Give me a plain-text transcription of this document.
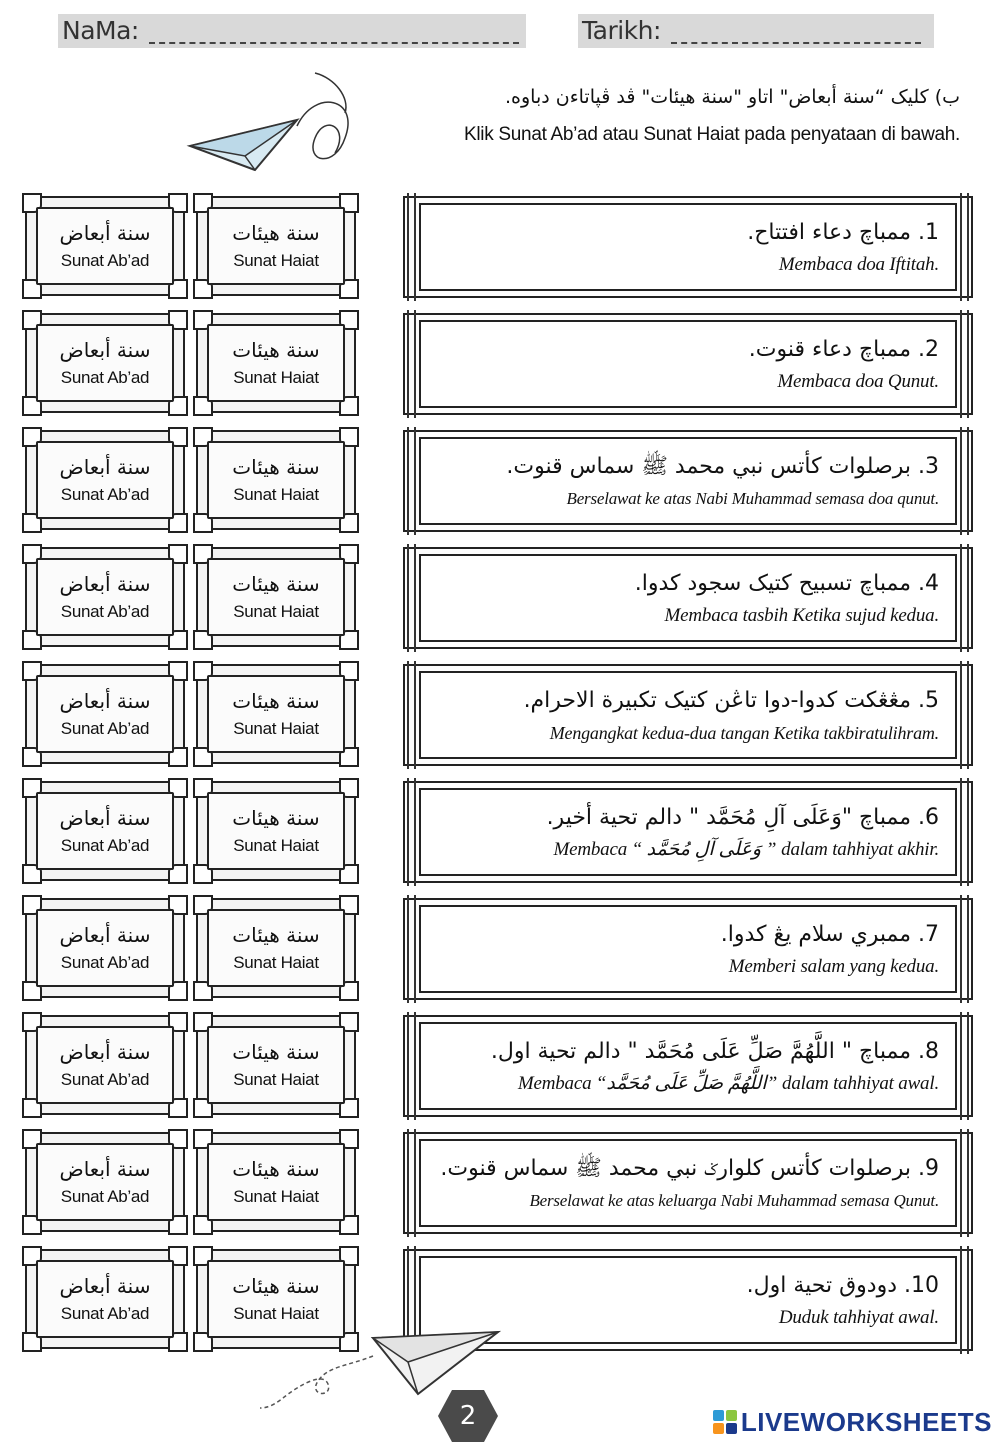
NaMa:	Tarikh:
ب) كليک “سنة أبعاض" اتاو "سنة هيئات" ڤد ڤپاتاءن دباوه.
Klik Sunat Ab’ad atau Sunat Haiat pada penyataan di bawah.
سنة أبعاض
Sunat Ab’ad
سنة هيئات
Sunat Haiat
1. ممباچ دعاء افتتاح.
Membaca doa Iftitah.
سنة أبعاض
Sunat Ab’ad
سنة هيئات
Sunat Haiat
2. ممباچ دعاء قنوت.
Membaca doa Qunut.
سنة أبعاض
Sunat Ab’ad
سنة هيئات
Sunat Haiat
3. برصلوات كأتس نبي محمد ﷺ سماس قنوت.
Berselawat ke atas Nabi Muhammad semasa doa qunut.
سنة أبعاض
Sunat Ab’ad
سنة هيئات
Sunat Haiat
4. ممباچ تسبيح كتيک سجود كدوا.
Membaca tasbih Ketika sujud kedua.
سنة أبعاض
Sunat Ab’ad
سنة هيئات
Sunat Haiat
5. مڠڠكت كدوا-دوا تاڠن كتيک تكبيرة الاحرام.
Mengangkat kedua-dua tangan Ketika takbiratulihram.
سنة أبعاض
Sunat Ab’ad
سنة هيئات
Sunat Haiat
6. ممباچ "وَعَلَى آلِ مُحَمَّد " دالم تحية أخير.
Membaca “ وَعَلَى آلِ مُحَمَّد ” dalam tahhiyat akhir.
سنة أبعاض
Sunat Ab’ad
سنة هيئات
Sunat Haiat
7. ممبري سلام يڠ كدوا.
Memberi salam yang kedua.
سنة أبعاض
Sunat Ab’ad
سنة هيئات
Sunat Haiat
8. ممباچ " اللَّهُمَّ صَلِّ عَلَى مُحَمَّد " دالم تحية اول.
Membaca “اللَّهُمَّ صَلِّ عَلَى مُحَمَّد” dalam tahhiyat awal.
سنة أبعاض
Sunat Ab’ad
سنة هيئات
Sunat Haiat
9. برصلوات كأتس كلوارݢ نبي محمد ﷺ سماس قنوت.
Berselawat ke atas keluarga Nabi Muhammad semasa Qunut.
سنة أبعاض
Sunat Ab’ad
سنة هيئات
Sunat Haiat
10. دودوق تحية اول.
Duduk tahhiyat awal.
2	LIVEWORKSHEETS
